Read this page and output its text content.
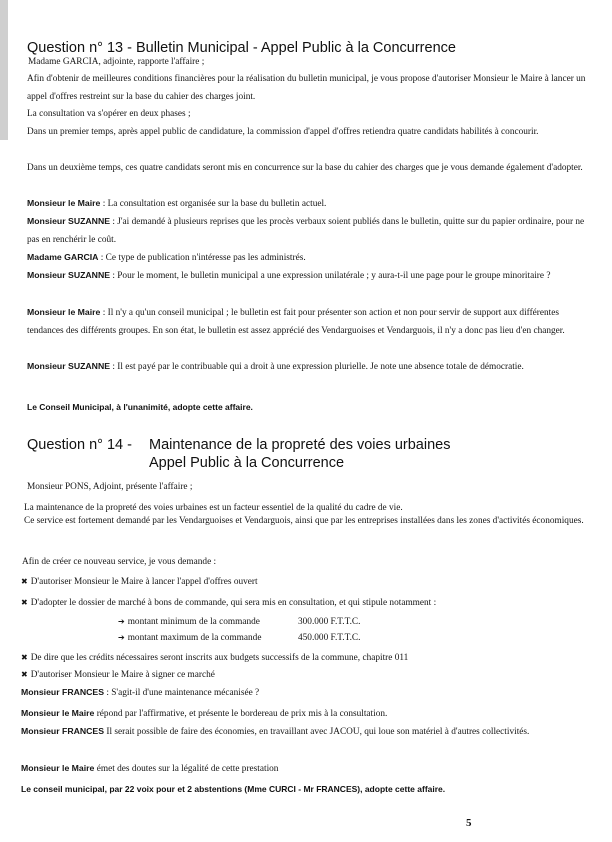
Question n° 13 - Bulletin Municipal - Appel Public à la Concurrence
Madame GARCIA, adjointe, rapporte l'affaire ;
Afin d'obtenir de meilleures conditions financières pour la réalisation du bulletin municipal, je vous propose d'autoriser Monsieur le Maire à lancer un appel d'offres restreint sur la base du cahier des charges joint.
La consultation va s'opérer en deux phases ;
Dans un premier temps, après appel public de candidature, la commission d'appel d'offres retiendra quatre candidats habilités à concourir.
Dans un deuxième temps, ces quatre candidats seront mis en concurrence sur la base du cahier des charges que je vous demande également d'adopter.
Monsieur le Maire : La consultation est organisée sur la base du bulletin actuel.
Monsieur SUZANNE : J'ai demandé à plusieurs reprises que les procès verbaux soient publiés dans le bulletin, quitte sur du papier ordinaire, pour ne pas en renchérir le coût.
Madame GARCIA : Ce type de publication n'intéresse pas les administrés.
Monsieur SUZANNE : Pour le moment, le bulletin municipal a une expression unilatérale ; y aura-t-il une page pour le groupe minoritaire ?
Monsieur le Maire : Il n'y a qu'un conseil municipal ; le bulletin est fait pour présenter son action et non pour servir de support aux différentes tendances des différents groupes. En son état, le bulletin est assez apprécié des Vendarguoises et Vendarguois, il n'y a donc pas lieu d'en changer.
Monsieur SUZANNE : Il est payé par le contribuable qui a droit à une expression plurielle. Je note une absence totale de démocratie.
Le Conseil Municipal, à l'unanimité, adopte cette affaire.
Question n° 14 - Maintenance de la propreté des voies urbaines
Appel Public à la Concurrence
Monsieur PONS, Adjoint, présente l'affaire ;
La maintenance de la propreté des voies urbaines est un facteur essentiel de la qualité du cadre de vie.
Ce service est fortement demandé par les Vendarguoises et Vendarguois, ainsi que par les entreprises installées dans les zones d'activités économiques.
Afin de créer ce nouveau service, je vous demande :
✖ D'autoriser Monsieur le Maire à lancer l'appel d'offres ouvert
✖ D'adopter le dossier de marché à bons de commande, qui sera mis en consultation, et qui stipule notamment :
➔ montant minimum de la commande	300.000 F.T.T.C.
➔ montant maximum de la commande	450.000 F.T.T.C.
✖ De dire que les crédits nécessaires seront inscrits aux budgets successifs de la commune, chapitre 011
✖ D'autoriser Monsieur le Maire à signer ce marché
Monsieur FRANCES : S'agit-il d'une maintenance mécanisée ?
Monsieur le Maire répond par l'affirmative, et présente le bordereau de prix mis à la consultation.
Monsieur FRANCES Il serait possible de faire des économies, en travaillant avec JACOU, qui loue son matériel à d'autres collectivités.
Monsieur le Maire émet des doutes sur la légalité de cette prestation
Le conseil municipal, par 22 voix pour et 2 abstentions (Mme CURCI - Mr FRANCES), adopte cette affaire.
5
